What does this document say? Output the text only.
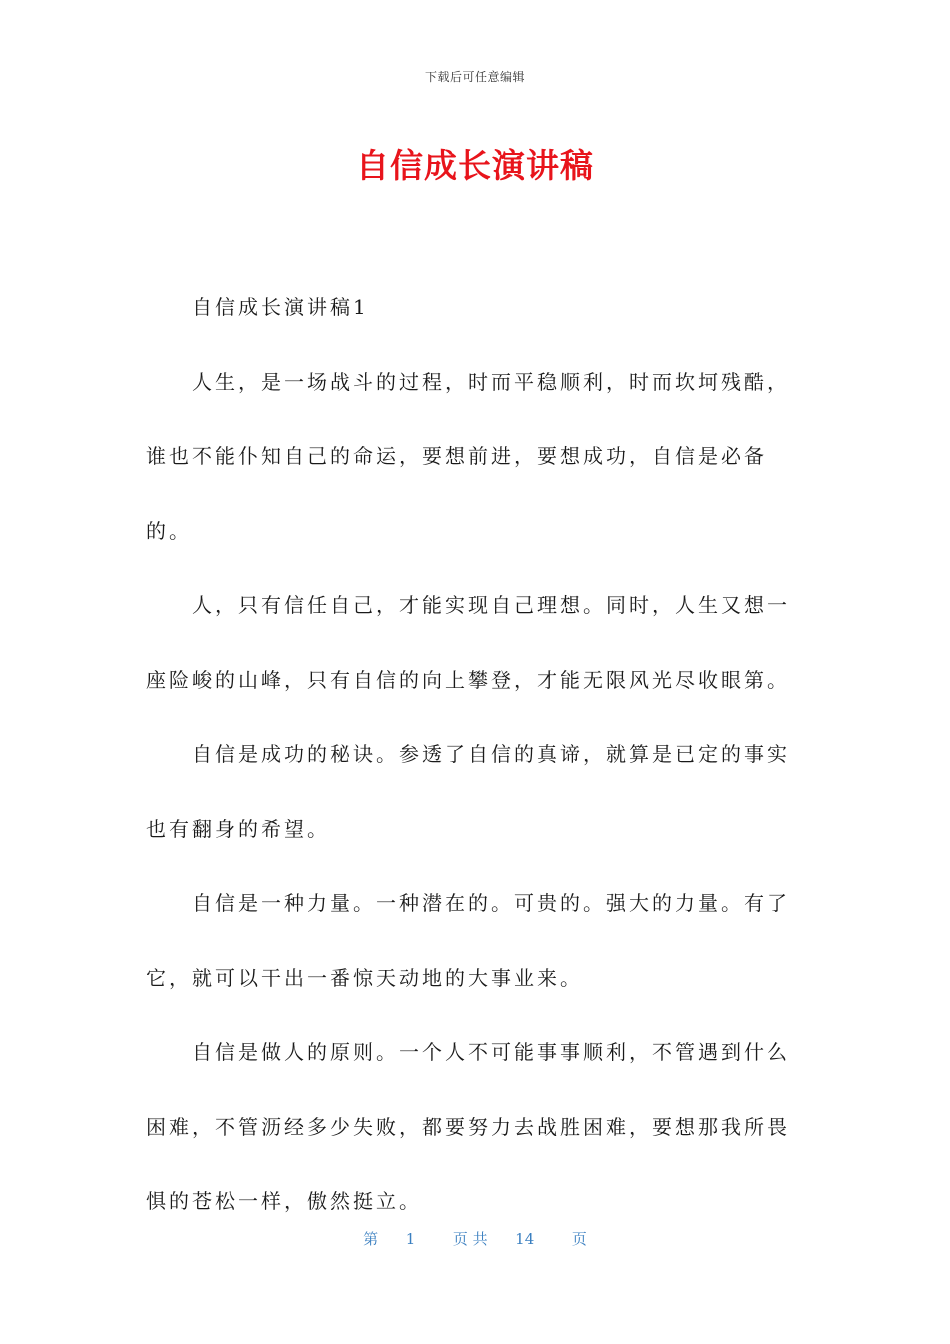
下载后可任意编辑
自信成长演讲稿

自信成长演讲稿1

人生，是一场战斗的过程，时而平稳顺利，时而坎坷残酷，谁也不能仆知自己的命运，要想前进，要想成功，自信是必备的。

人，只有信任自己，才能实现自己理想。同时，人生又想一座险峻的山峰，只有自信的向上攀登，才能无限风光尽收眼第。

自信是成功的秘诀。参透了自信的真谛，就算是已定的事实也有翻身的希望。

自信是一种力量。一种潜在的。可贵的。强大的力量。有了它，就可以干出一番惊天动地的大事业来。

自信是做人的原则。一个人不可能事事顺利，不管遇到什么困难，不管沥经多少失败，都要努力去战胜困难，要想那我所畏惧的苍松一样，傲然挺立。

第 1	页 共 14	页
